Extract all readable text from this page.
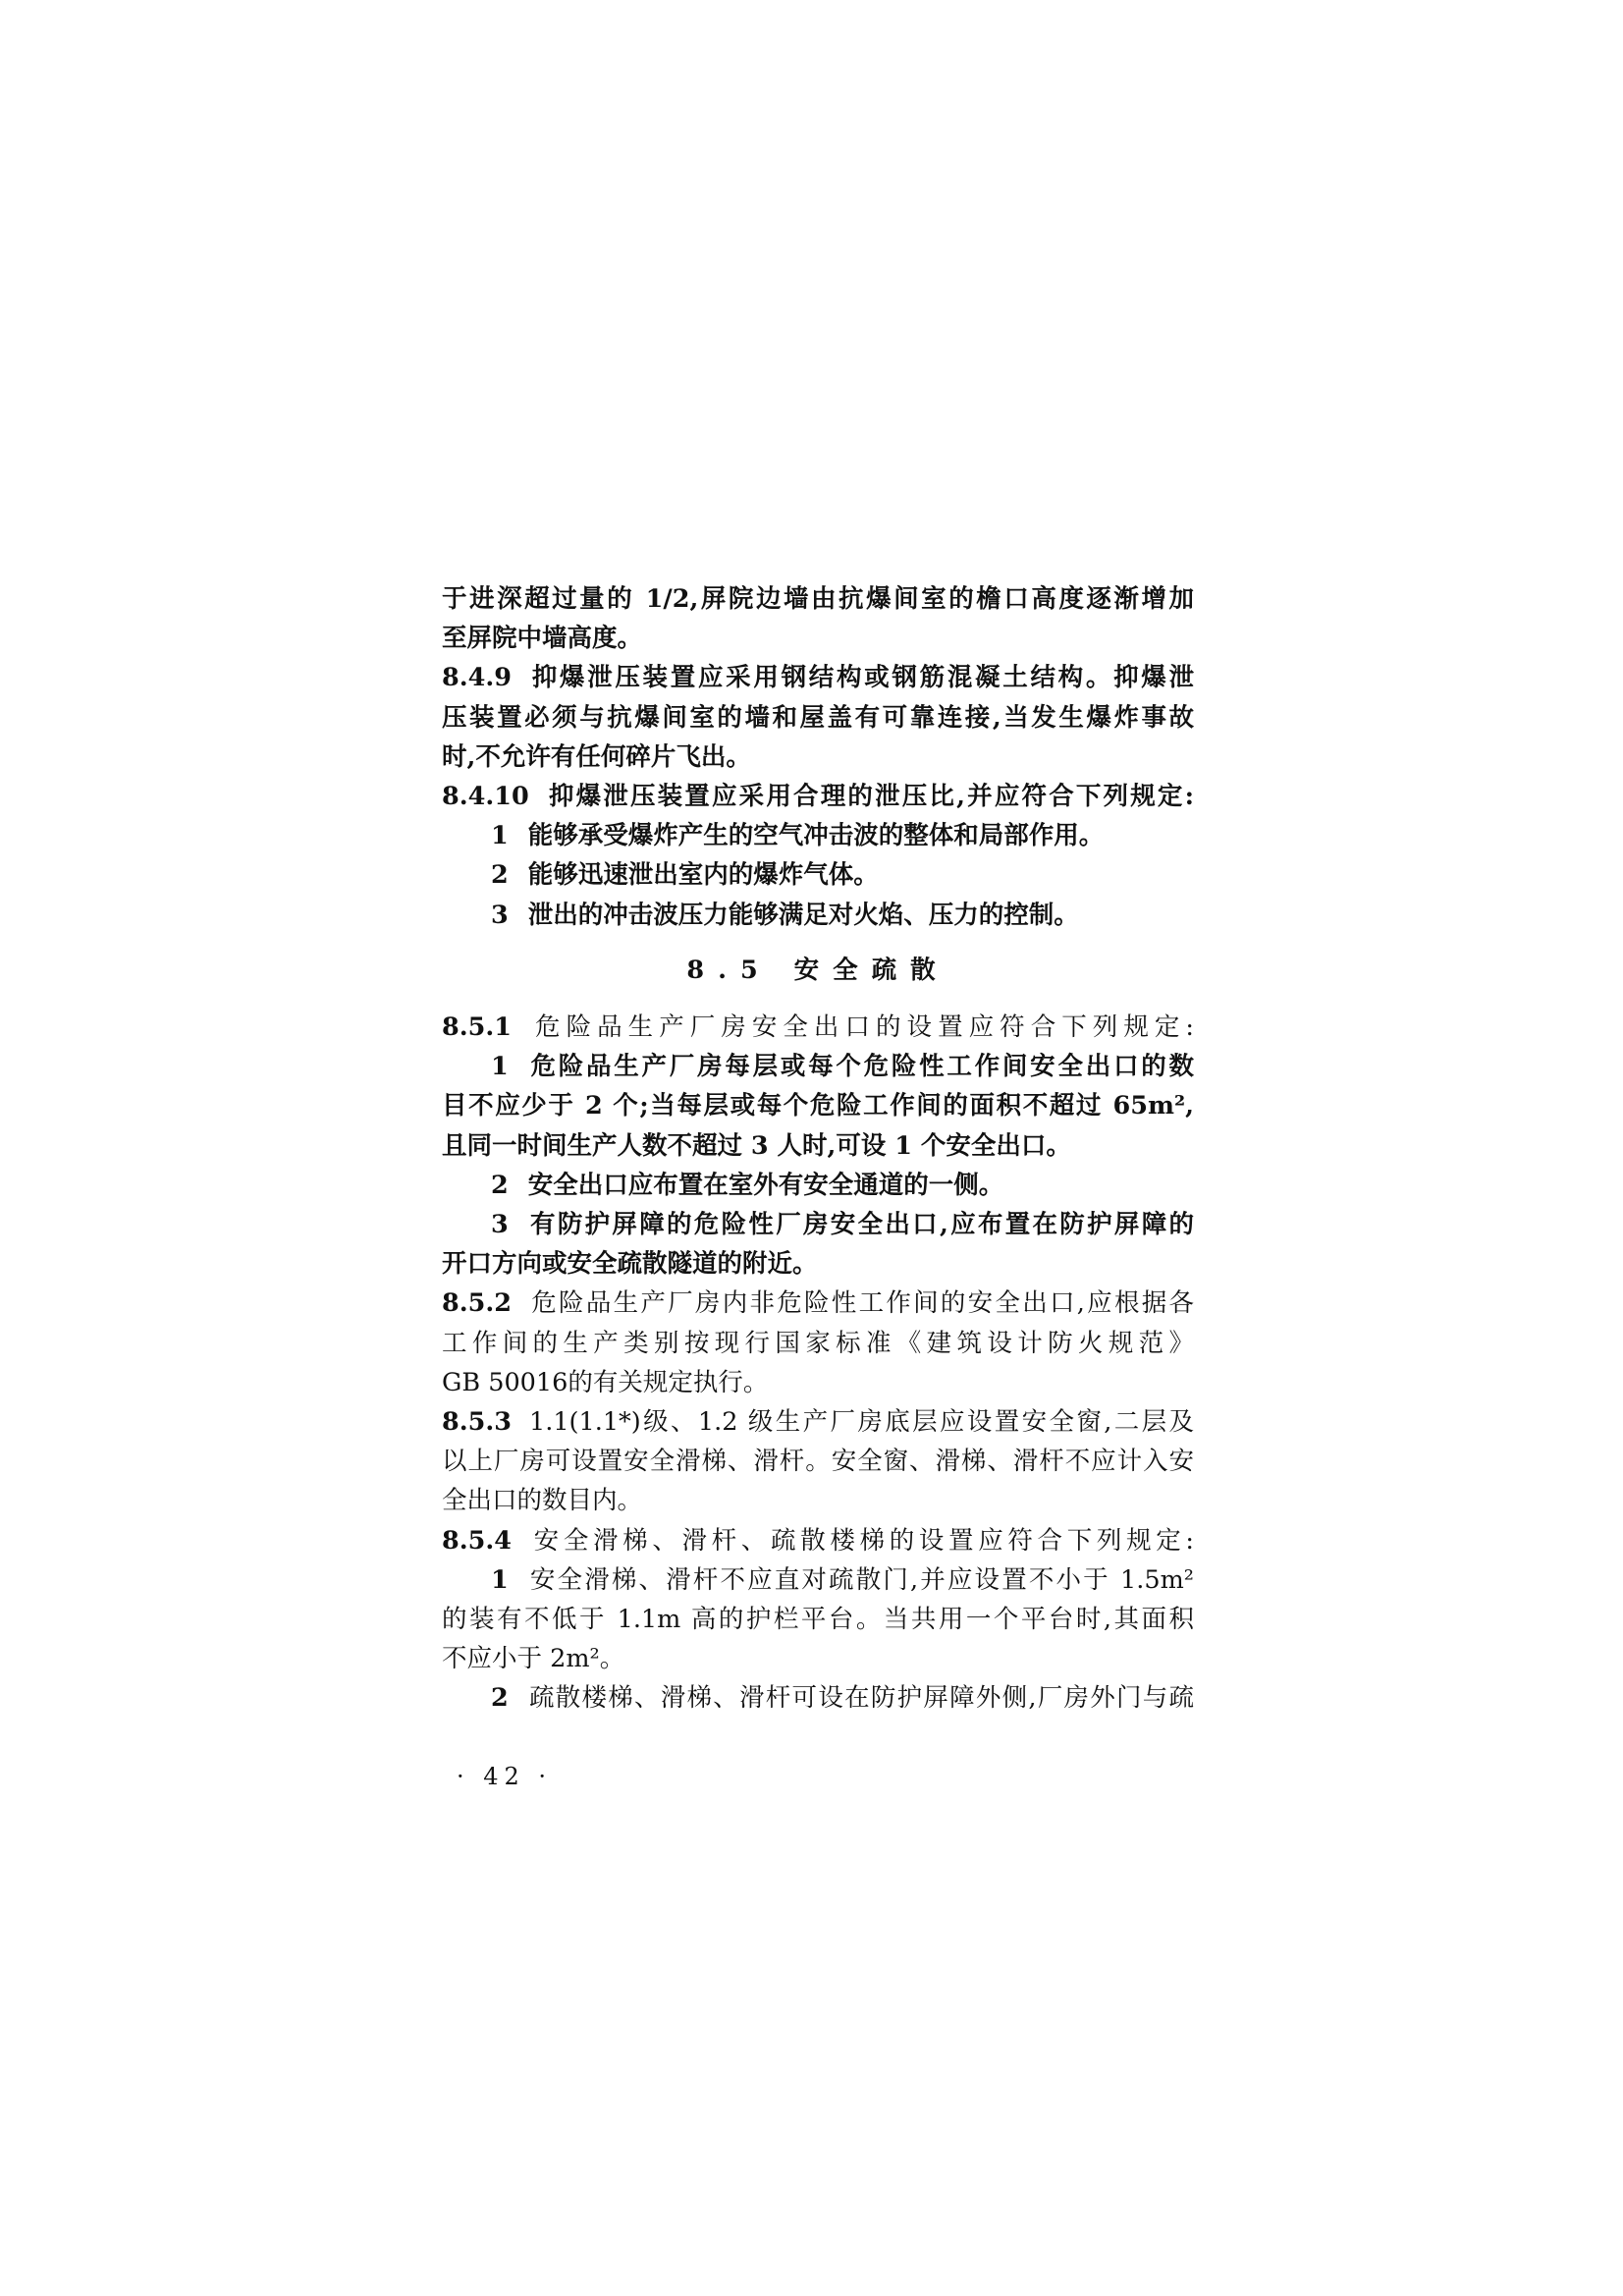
于进深超过量的 1/2,屏院边墙由抗爆间室的檐口高度逐渐增加
至屏院中墙高度。
8.4.9 抑爆泄压装置应采用钢结构或钢筋混凝土结构。抑爆泄
压装置必须与抗爆间室的墙和屋盖有可靠连接,当发生爆炸事故
时,不允许有任何碎片飞出。
8.4.10 抑爆泄压装置应采用合理的泄压比,并应符合下列规定:
1 能够承受爆炸产生的空气冲击波的整体和局部作用。
2 能够迅速泄出室内的爆炸气体。
3 泄出的冲击波压力能够满足对火焰、压力的控制。
8.5 安全疏散
8.5.1 危险品生产厂房安全出口的设置应符合下列规定:
1 危险品生产厂房每层或每个危险性工作间安全出口的数
目不应少于 2 个;当每层或每个危险工作间的面积不超过 65m²,
且同一时间生产人数不超过 3 人时,可设 1 个安全出口。
2 安全出口应布置在室外有安全通道的一侧。
3 有防护屏障的危险性厂房安全出口,应布置在防护屏障的
开口方向或安全疏散隧道的附近。
8.5.2 危险品生产厂房内非危险性工作间的安全出口,应根据各
工作间的生产类别按现行国家标准《建筑设计防火规范》
GB 50016的有关规定执行。
8.5.3 1.1(1.1*)级、1.2 级生产厂房底层应设置安全窗,二层及
以上厂房可设置安全滑梯、滑杆。安全窗、滑梯、滑杆不应计入安
全出口的数目内。
8.5.4 安全滑梯、滑杆、疏散楼梯的设置应符合下列规定:
1 安全滑梯、滑杆不应直对疏散门,并应设置不小于 1.5m²
的装有不低于 1.1m 高的护栏平台。当共用一个平台时,其面积
不应小于 2m²。
2 疏散楼梯、滑梯、滑杆可设在防护屏障外侧,厂房外门与疏
· 42 ·
